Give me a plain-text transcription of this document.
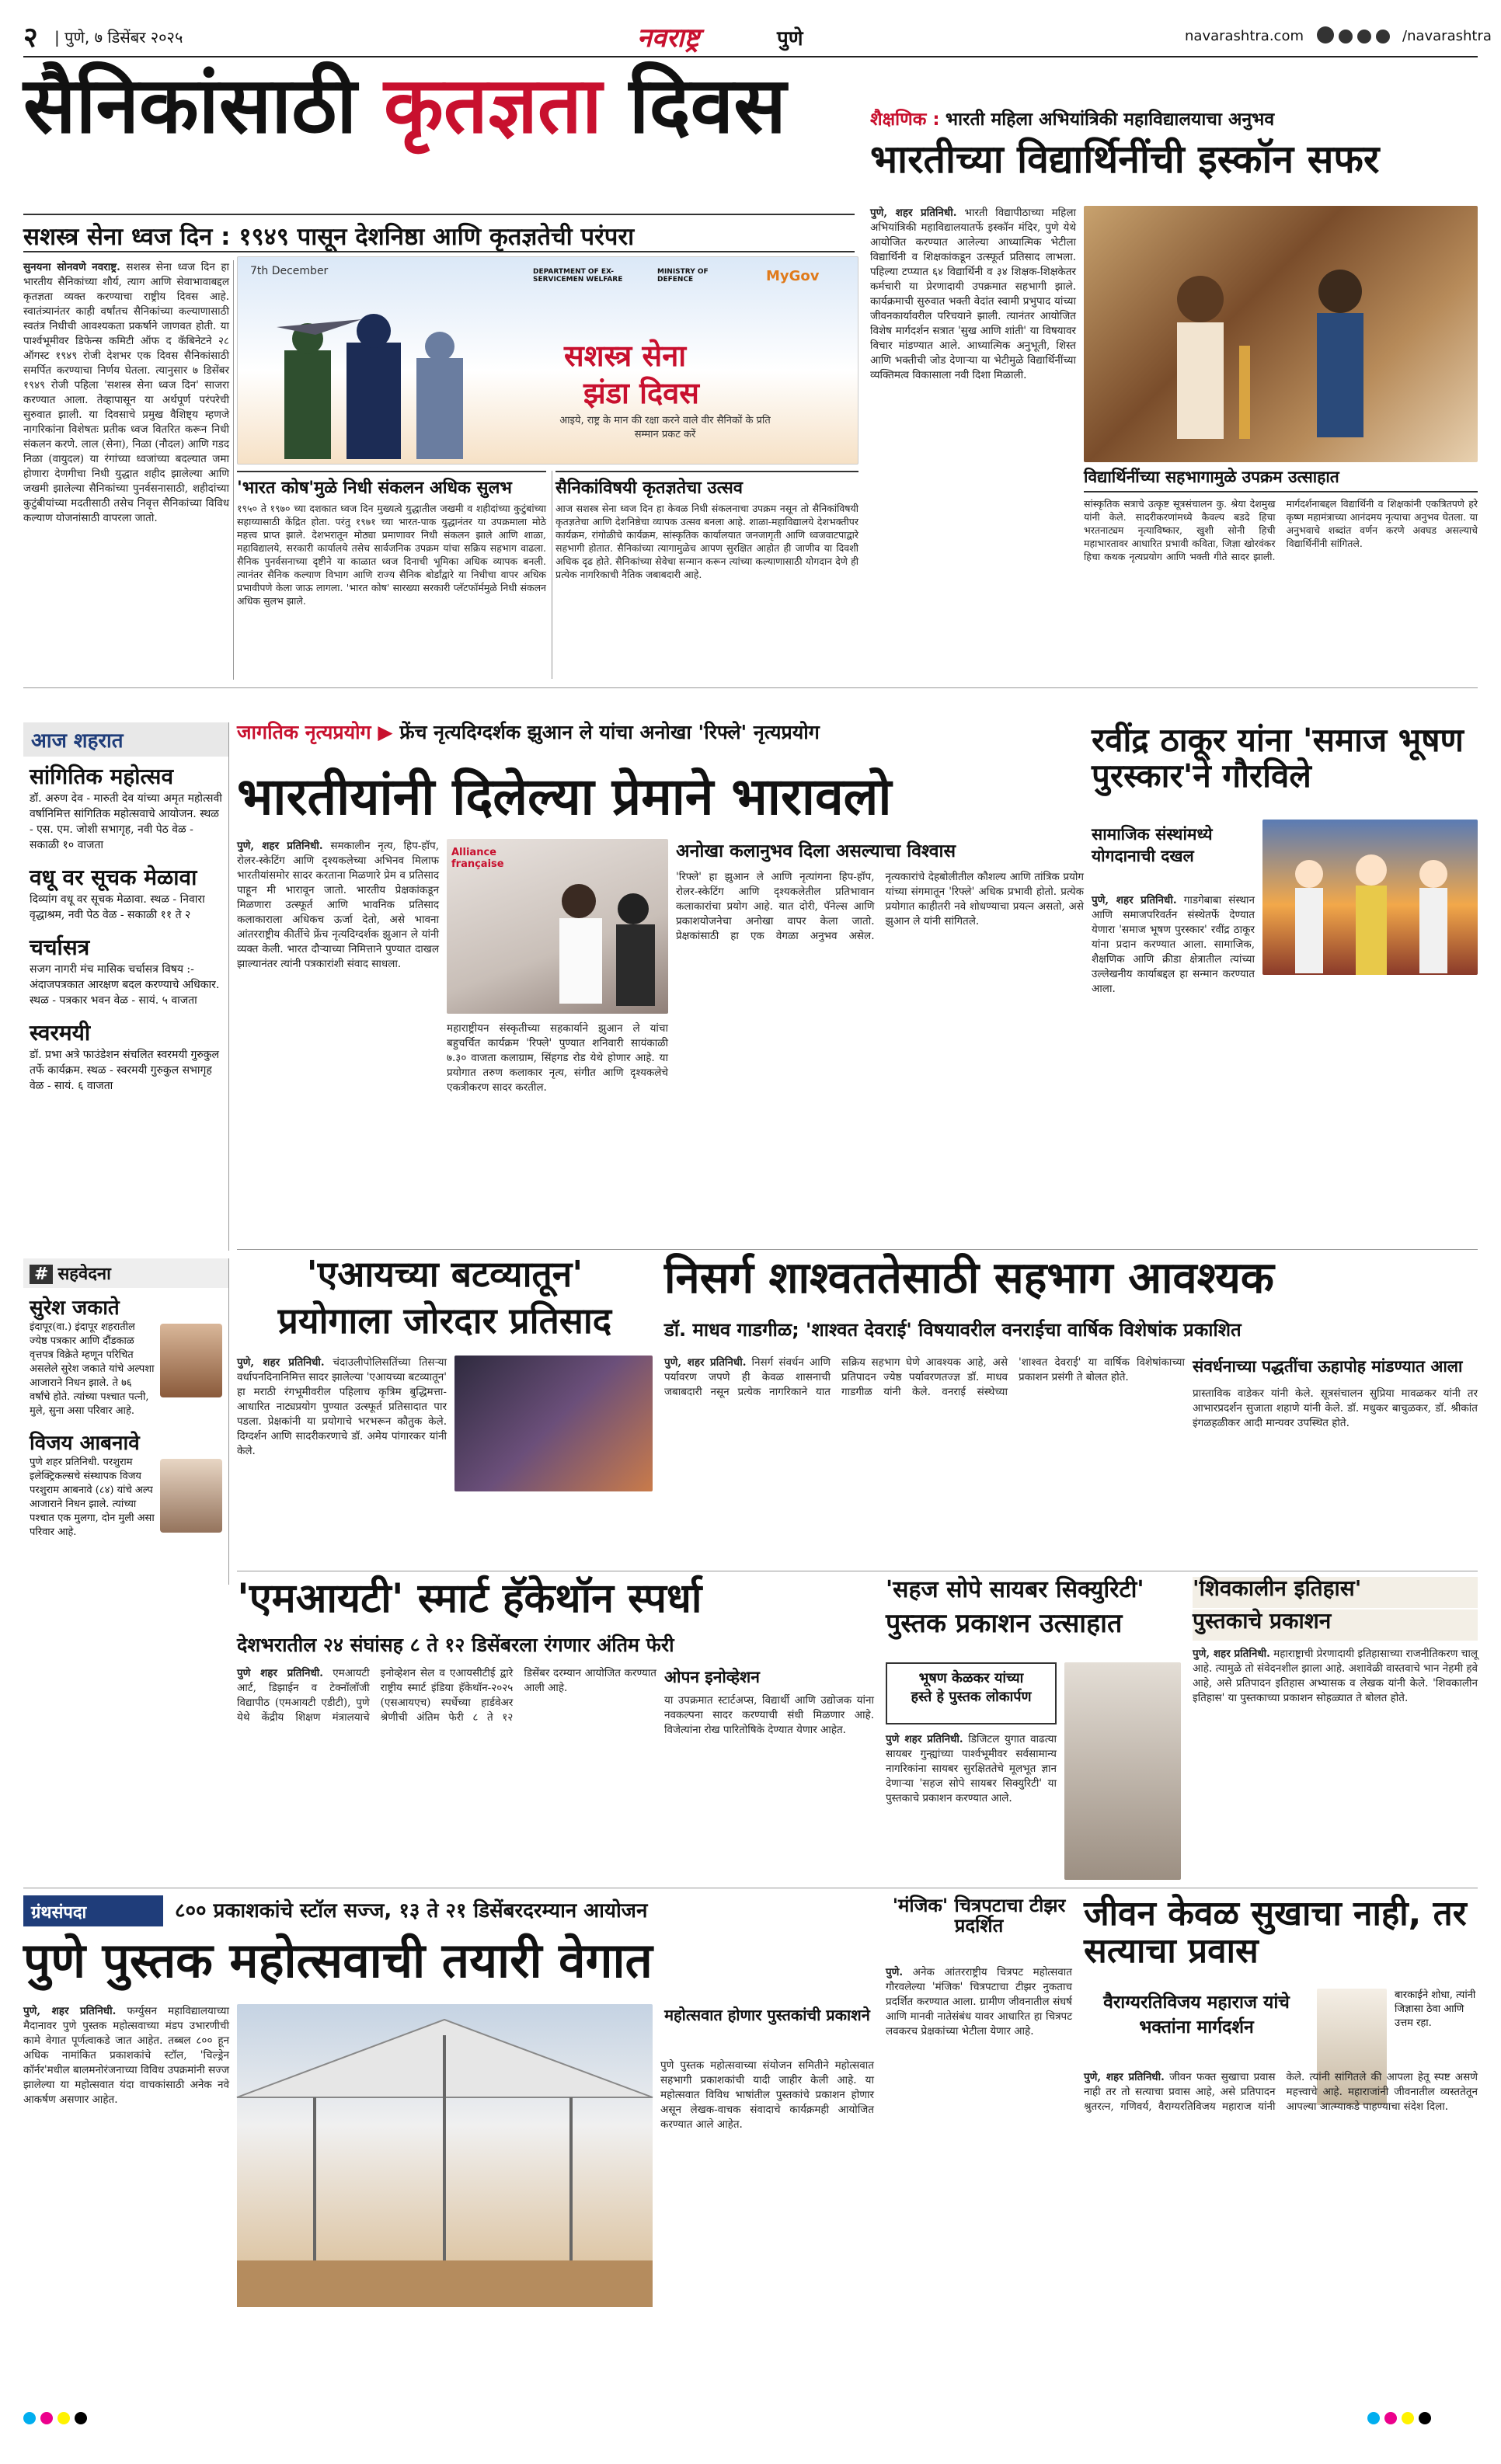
२ | पुणे, ७ डिसेंबर २०२५	नवराष्ट्र	पुणे	navarashtra.com	/navarashtra
सैनिकांसाठी कृतज्ञता दिवस
सशस्त्र सेना ध्वज दिन : १९४९ पासून देशनिष्ठा आणि कृतज्ञतेची परंपरा
सुनयना सोनवणे नवराष्ट्र. सशस्त्र सेना ध्वज दिन हा भारतीय सैनिकांच्या शौर्य, त्याग आणि सेवाभावाबद्दल कृतज्ञता व्यक्त करण्याचा राष्ट्रीय दिवस आहे. स्वातंत्र्यानंतर काही वर्षांतच सैनिकांच्या कल्याणासाठी स्वतंत्र निधीची आवश्यकता प्रकर्षाने जाणवत होती. या पार्श्वभूमीवर डिफेन्स कमिटी ऑफ द कॅबिनेटने २८ ऑगस्ट १९४९ रोजी देशभर एक दिवस सैनिकांसाठी समर्पित करण्याचा निर्णय घेतला. त्यानुसार ७ डिसेंबर १९४९ रोजी पहिला 'सशस्त्र सेना ध्वज दिन' साजरा करण्यात आला. तेव्हापासून या अर्थपूर्ण परंपरेची सुरुवात झाली. या दिवसाचे प्रमुख वैशिष्ट्य म्हणजे नागरिकांना विशेषतः प्रतीक ध्वज वितरित करून निधी संकलन करणे. लाल (सेना), निळा (नौदल) आणि गडद निळा (वायुदल) या रंगांच्या ध्वजांच्या बदल्यात जमा होणारा देणगीचा निधी युद्धात शहीद झालेल्या आणि जखमी झालेल्या सैनिकांच्या पुनर्वसनासाठी, शहीदांच्या कुटुंबीयांच्या मदतीसाठी तसेच निवृत्त सैनिकांच्या विविध कल्याण योजनांसाठी वापरला जातो.
7th December	DEPARTMENT OF EX-SERVICEMEN WELFARE
MINISTRY OF DEFENCE	MyGov
सशस्त्र सेना
झंडा दिवस
आइये, राष्ट्र के मान की रक्षा करने वाले वीर सैनिकों के प्रति सम्मान प्रकट करें
'भारत कोष'मुळे निधी संकलन अधिक सुलभ
१९५० ते १९७० च्या दशकात ध्वज दिन मुख्यत्वे युद्धातील जखमी व शहीदांच्या कुटुंबांच्या सहाय्यासाठी केंद्रित होता. परंतु १९७१ च्या भारत-पाक युद्धानंतर या उपक्रमाला मोठे महत्त्व प्राप्त झाले. देशभरातून मोठ्या प्रमाणावर निधी संकलन झाले आणि शाळा, महाविद्यालये, सरकारी कार्यालये तसेच सार्वजनिक उपक्रम यांचा सक्रिय सहभाग वाढला. सैनिक पुनर्वसनाच्या दृष्टीने या काळात ध्वज दिनाची भूमिका अधिक व्यापक बनली. त्यानंतर सैनिक कल्याण विभाग आणि राज्य सैनिक बोर्डांद्वारे या निधीचा वापर अधिक प्रभावीपणे केला जाऊ लागला. 'भारत कोष' सारख्या सरकारी प्लॅटफॉर्ममुळे निधी संकलन अधिक सुलभ झाले.
सैनिकांविषयी कृतज्ञतेचा उत्सव
आज सशस्त्र सेना ध्वज दिन हा केवळ निधी संकलनाचा उपक्रम नसून तो सैनिकांविषयी कृतज्ञतेचा आणि देशनिष्ठेचा व्यापक उत्सव बनला आहे. शाळा-महाविद्यालये देशभक्तीपर कार्यक्रम, रांगोळीचे कार्यक्रम, सांस्कृतिक कार्यालयात जनजागृती आणि ध्वजवाटपाद्वारे सहभागी होतात. सैनिकांच्या त्यागामुळेच आपण सुरक्षित आहोत ही जाणीव या दिवशी अधिक दृढ होते. सैनिकांच्या सेवेचा सन्मान करून त्यांच्या कल्याणासाठी योगदान देणे ही प्रत्येक नागरिकाची नैतिक जबाबदारी आहे.
शैक्षणिक : भारती महिला अभियांत्रिकी महाविद्यालयाचा अनुभव
भारतीच्या विद्यार्थिनींची इस्कॉन सफर
पुणे, शहर प्रतिनिधी. भारती विद्यापीठाच्या महिला अभियांत्रिकी महाविद्यालयातर्फे इस्कॉन मंदिर, पुणे येथे आयोजित करण्यात आलेल्या आध्यात्मिक भेटीला विद्यार्थिनी व शिक्षकांकडून उत्स्फूर्त प्रतिसाद लाभला. पहिल्या टप्प्यात ६४ विद्यार्थिनी व ३४ शिक्षक-शिक्षकेतर कर्मचारी या प्रेरणादायी उपक्रमात सहभागी झाले. कार्यक्रमाची सुरुवात भक्ती वेदांत स्वामी प्रभुपाद यांच्या जीवनकार्यावरील परिचयाने झाली. त्यानंतर आयोजित विशेष मार्गदर्शन सत्रात 'सुख आणि शांती' या विषयावर विचार मांडण्यात आले. आध्यात्मिक अनुभूती, शिस्त आणि भक्तीची जोड देणाऱ्या या भेटीमुळे विद्यार्थिनींच्या व्यक्तिमत्व विकासाला नवी दिशा मिळाली.
विद्यार्थिनींच्या सहभागामुळे उपक्रम उत्साहात
सांस्कृतिक सत्राचे उत्कृष्ट सूत्रसंचालन कु. श्रेया देशमुख यांनी केले. सादरीकरणांमध्ये कैवल्य बडदे हिचा भरतनाट्यम नृत्याविष्कार, खुशी सोनी हिची महाभारतावर आधारित प्रभावी कविता, जिज्ञा खोरवंकर हिचा कथक नृत्यप्रयोग आणि भक्ती गीते सादर झाली. मार्गदर्शनाबद्दल विद्यार्थिनी व शिक्षकांनी एकत्रितपणे हरे कृष्ण महामंत्राच्या आनंदमय नृत्याचा अनुभव घेतला. या अनुभवाचे शब्दांत वर्णन करणे अवघड असल्याचे विद्यार्थिनींनी सांगितले.
आज शहरात
सांगितिक महोत्सव
डॉ. अरुण देव - मारुती देव यांच्या अमृत महोत्सवी वर्षानिमित्त सांगितिक महोत्सवाचे आयोजन. स्थळ - एस. एम. जोशी सभागृह, नवी पेठ वेळ - सकाळी १० वाजता
वधू वर सूचक मेळावा
दिव्यांग वधू वर सूचक मेळावा. स्थळ - निवारा वृद्धाश्रम, नवी पेठ वेळ - सकाळी ११ ते २
चर्चासत्र
सजग नागरी मंच मासिक चर्चासत्र विषय :- अंदाजपत्रकात आरक्षण बदल करण्याचे अधिकार. स्थळ - पत्रकार भवन वेळ - सायं. ५ वाजता
स्वरमयी
डॉ. प्रभा अत्रे फाउंडेशन संचलित स्वरमयी गुरुकुल तर्फे कार्यक्रम. स्थळ - स्वरमयी गुरुकुल सभागृह वेळ - सायं. ६ वाजता
# सहवेदना
सुरेश जकाते
इंदापूर(वा.) इंदापूर शहरातील ज्येष्ठ पत्रकार आणि दौंडकाळ वृत्तपत्र विक्रेते म्हणून परिचित असलेले सुरेश जकाते यांचे अल्पशा आजाराने निधन झाले. ते ७६ वर्षांचे होते. त्यांच्या पश्चात पत्नी, मुले, सुना असा परिवार आहे.
विजय आबनावे
पुणे शहर प्रतिनिधी. परशुराम इलेक्ट्रिकल्सचे संस्थापक विजय परशुराम आबनावे (८४) यांचे अल्प आजाराने निधन झाले. त्यांच्या पश्चात एक मुलगा, दोन मुली असा परिवार आहे.
जागतिक नृत्यप्रयोग ▶ फ्रेंच नृत्यदिग्दर्शक झुआन ले यांचा अनोखा 'रिफ्ले' नृत्यप्रयोग
भारतीयांनी दिलेल्या प्रेमाने भारावलो
अनोखा कलानुभव दिला असल्याचा विश्वास
पुणे, शहर प्रतिनिधी. समकालीन नृत्य, हिप-हॉप, रोलर-स्केटिंग आणि दृश्यकलेच्या अभिनव मिलाफ भारतीयांसमोर सादर करताना मिळणारे प्रेम व प्रतिसाद पाहून मी भारावून जातो. भारतीय प्रेक्षकांकडून मिळणारा उत्स्फूर्त आणि भावनिक प्रतिसाद कलाकाराला अधिकच ऊर्जा देतो, असे भावना आंतरराष्ट्रीय कीर्तीचे फ्रेंच नृत्यदिग्दर्शक झुआन ले यांनी व्यक्त केली. भारत दौऱ्याच्या निमित्ताने पुण्यात दाखल झाल्यानंतर त्यांनी पत्रकारांशी संवाद साधला.
Alliance française
महाराष्ट्रीयन संस्कृतीच्या सहकार्याने झुआन ले यांचा बहुचर्चित कार्यक्रम 'रिफ्ले' पुण्यात शनिवारी सायंकाळी ७.३० वाजता कलाग्राम, सिंहगड रोड येथे होणार आहे. या प्रयोगात तरुण कलाकार नृत्य, संगीत आणि दृश्यकलेचे एकत्रीकरण सादर करतील.
'रिफ्ले' हा झुआन ले आणि नृत्यांगना हिप-हॉप, रोलर-स्केटिंग आणि दृश्यकलेतील प्रतिभावान कलाकारांचा प्रयोग आहे. यात दोरी, पॅनेल्स आणि प्रकाशयोजनेचा अनोखा वापर केला जातो. प्रेक्षकांसाठी हा एक वेगळा अनुभव असेल. नृत्यकारांचे देहबोलीतील कौशल्य आणि तांत्रिक प्रयोग यांच्या संगमातून 'रिफ्ले' अधिक प्रभावी होतो. प्रत्येक प्रयोगात काहीतरी नवे शोधण्याचा प्रयत्न असतो, असे झुआन ले यांनी सांगितले.
रवींद्र ठाकूर यांना 'समाज भूषण पुरस्कार'ने गौरविले
सामाजिक संस्थांमध्ये योगदानाची दखल
पुणे, शहर प्रतिनिधी. गाडगेबाबा संस्थान आणि समाजपरिवर्तन संस्थेतर्फे देण्यात येणारा 'समाज भूषण पुरस्कार' रवींद्र ठाकूर यांना प्रदान करण्यात आला. सामाजिक, शैक्षणिक आणि क्रीडा क्षेत्रातील त्यांच्या उल्लेखनीय कार्याबद्दल हा सन्मान करण्यात आला.
'एआयच्या बटव्यातून'
प्रयोगाला जोरदार प्रतिसाद
पुणे, शहर प्रतिनिधी. चंदाउलीपोलिसतिंच्या तिसऱ्या वर्धापनदिनानिमित्त सादर झालेल्या 'एआयच्या बटव्यातून' हा मराठी रंगभूमीवरील पहिलाच कृत्रिम बुद्धिमत्ता-आधारित नाट्यप्रयोग पुण्यात उत्स्फूर्त प्रतिसादात पार पडला. प्रेक्षकांनी या प्रयोगाचे भरभरून कौतुक केले. दिग्दर्शन आणि सादरीकरणाचे डॉ. अमेय पांगारकर यांनी केले.
निसर्ग शाश्वततेसाठी सहभाग आवश्यक
डॉ. माधव गाडगीळ; 'शाश्वत देवराई' विषयावरील वनराईचा वार्षिक विशेषांक प्रकाशित
पुणे, शहर प्रतिनिधी. निसर्ग संवर्धन आणि पर्यावरण जपणे ही केवळ शासनाची जबाबदारी नसून प्रत्येक नागरिकाने यात सक्रिय सहभाग घेणे आवश्यक आहे, असे प्रतिपादन ज्येष्ठ पर्यावरणतज्ज्ञ डॉ. माधव गाडगीळ यांनी केले. वनराई संस्थेच्या 'शाश्वत देवराई' या वार्षिक विशेषांकाच्या प्रकाशन प्रसंगी ते बोलत होते.
संवर्धनाच्या पद्धतींचा ऊहापोह मांडण्यात आला
प्रास्ताविक वाडेकर यांनी केले. सूत्रसंचालन सुप्रिया मावळकर यांनी तर आभारप्रदर्शन सुजाता शहाणे यांनी केले. डॉ. मधुकर बाचुळकर, डॉ. श्रीकांत इंगळहळीकर आदी मान्यवर उपस्थित होते.
'एमआयटी' स्मार्ट हॅकेथॉन स्पर्धा
देशभरातील २४ संघांसह ८ ते १२ डिसेंबरला रंगणार अंतिम फेरी
पुणे शहर प्रतिनिधी. एमआयटी आर्ट, डिझाईन व टेक्नॉलॉजी विद्यापीठ (एमआयटी एडीटी), पुणे येथे केंद्रीय शिक्षण मंत्रालयाचे इनोव्हेशन सेल व एआयसीटीई द्वारे राष्ट्रीय स्मार्ट इंडिया हॅकेथॉन-२०२५ (एसआयएच) स्पर्धेच्या हार्डवेअर श्रेणीची अंतिम फेरी ८ ते १२ डिसेंबर दरम्यान आयोजित करण्यात आली आहे.
ओपन इनोव्हेशन
या उपक्रमात स्टार्टअप्स, विद्यार्थी आणि उद्योजक यांना नवकल्पना सादर करण्याची संधी मिळणार आहे. विजेत्यांना रोख पारितोषिके देण्यात येणार आहेत.
'सहज सोपे सायबर सिक्युरिटी'
पुस्तक प्रकाशन उत्साहात
भूषण केळकर यांच्या
हस्ते हे पुस्तक लोकार्पण
पुणे शहर प्रतिनिधी. डिजिटल युगात वाढत्या सायबर गुन्ह्यांच्या पार्श्वभूमीवर सर्वसामान्य नागरिकांना सायबर सुरक्षिततेचे मूलभूत ज्ञान देणाऱ्या 'सहज सोपे सायबर सिक्युरिटी' या पुस्तकाचे प्रकाशन करण्यात आले.
'शिवकालीन इतिहास'
पुस्तकाचे प्रकाशन
पुणे, शहर प्रतिनिधी. महाराष्ट्राची प्रेरणादायी इतिहासाच्या राजनीतिकरण चालू आहे. त्यामुळे तो संवेदनशील झाला आहे. अशावेळी वास्तवाचे भान नेहमी हवे आहे, असे प्रतिपादन इतिहास अभ्यासक व लेखक यांनी केले. 'शिवकालीन इतिहास' या पुस्तकाच्या प्रकाशन सोहळ्यात ते बोलत होते.
ग्रंथसंपदा	८०० प्रकाशकांचे स्टॉल सज्ज, १३ ते २१ डिसेंबरदरम्यान आयोजन
पुणे पुस्तक महोत्सवाची तयारी वेगात
पुणे, शहर प्रतिनिधी. फर्ग्युसन महाविद्यालयाच्या मैदानावर पुणे पुस्तक महोत्सवाच्या मंडप उभारणीची कामे वेगात पूर्णत्वाकडे जात आहेत. तब्बल ८०० हून अधिक नामांकित प्रकाशकांचे स्टॉल, 'चिल्ड्रेन कॉर्नर'मधील बालमनोरंजनाच्या विविध उपक्रमांनी सज्ज झालेल्या या महोत्सवात यंदा वाचकांसाठी अनेक नवे आकर्षण असणार आहेत.
महोत्सवात होणार पुस्तकांची प्रकाशने
पुणे पुस्तक महोत्सवाच्या संयोजन समितीने महोत्सवात सहभागी प्रकाशकांची यादी जाहीर केली आहे. या महोत्सवात विविध भाषांतील पुस्तकांचे प्रकाशन होणार असून लेखक-वाचक संवादाचे कार्यक्रमही आयोजित करण्यात आले आहेत.
'मंजिक' चित्रपटाचा टीझर प्रदर्शित
पुणे. अनेक आंतरराष्ट्रीय चित्रपट महोत्सवात गौरवलेल्या 'मंजिक' चित्रपटाचा टीझर नुकताच प्रदर्शित करण्यात आला. ग्रामीण जीवनातील संघर्ष आणि मानवी नातेसंबंध यावर आधारित हा चित्रपट लवकरच प्रेक्षकांच्या भेटीला येणार आहे.
जीवन केवळ सुखाचा नाही, तर सत्याचा प्रवास
वैराग्यरतिविजय महाराज यांचे भक्तांना मार्गदर्शन
बारकाईने शोधा, त्यांनी जिज्ञासा ठेवा आणि उत्तम रहा.
पुणे, शहर प्रतिनिधी. जीवन फक्त सुखाचा प्रवास नाही तर तो सत्याचा प्रवास आहे, असे प्रतिपादन श्रुतरत्न, गणिवर्य, वैराग्यरतिविजय महाराज यांनी केले. त्यांनी सांगितले की आपला हेतू स्पष्ट असणे महत्त्वाचे आहे. महाराजांनी जीवनातील व्यस्ततेतून आपल्या आत्म्याकडे पाहण्याचा संदेश दिला.
